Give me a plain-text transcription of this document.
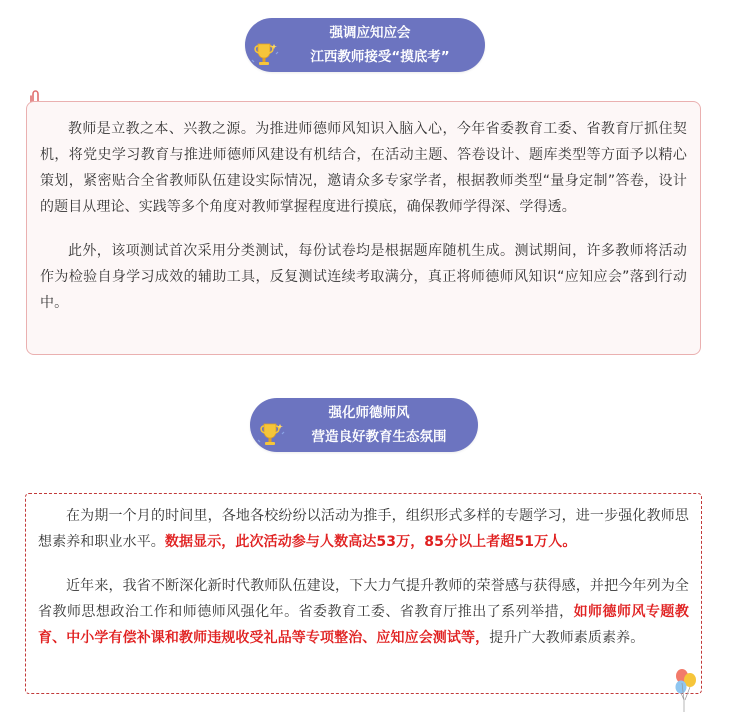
强调应知应会
江西教师接受“摸底考”

教师是立教之本、兴教之源。为推进师德师风知识入脑入心，今年省委教育工委、省教育厅抓住契机，将党史学习教育与推进师德师风建设有机结合，在活动主题、答卷设计、题库类型等方面予以精心策划，紧密贴合全省教师队伍建设实际情况，邀请众多专家学者，根据教师类型“量身定制”答卷，设计的题目从理论、实践等多个角度对教师掌握程度进行摸底，确保教师学得深、学得透。

此外，该项测试首次采用分类测试，每份试卷均是根据题库随机生成。测试期间，许多教师将活动作为检验自身学习成效的辅助工具，反复测试连续考取满分，真正将师德师风知识“应知应会”落到行动中。

强化师德师风
营造良好教育生态氛围

在为期一个月的时间里，各地各校纷纷以活动为推手，组织形式多样的专题学习，进一步强化教师思想素养和职业水平。数据显示，此次活动参与人数高达53万，85分以上者超51万人。

近年来，我省不断深化新时代教师队伍建设，下大力气提升教师的荣誉感与获得感，并把今年列为全省教师思想政治工作和师德师风强化年。省委教育工委、省教育厅推出了系列举措，如师德师风专题教育、中小学有偿补课和教师违规收受礼品等专项整治、应知应会测试等，提升广大教师素质素养。
